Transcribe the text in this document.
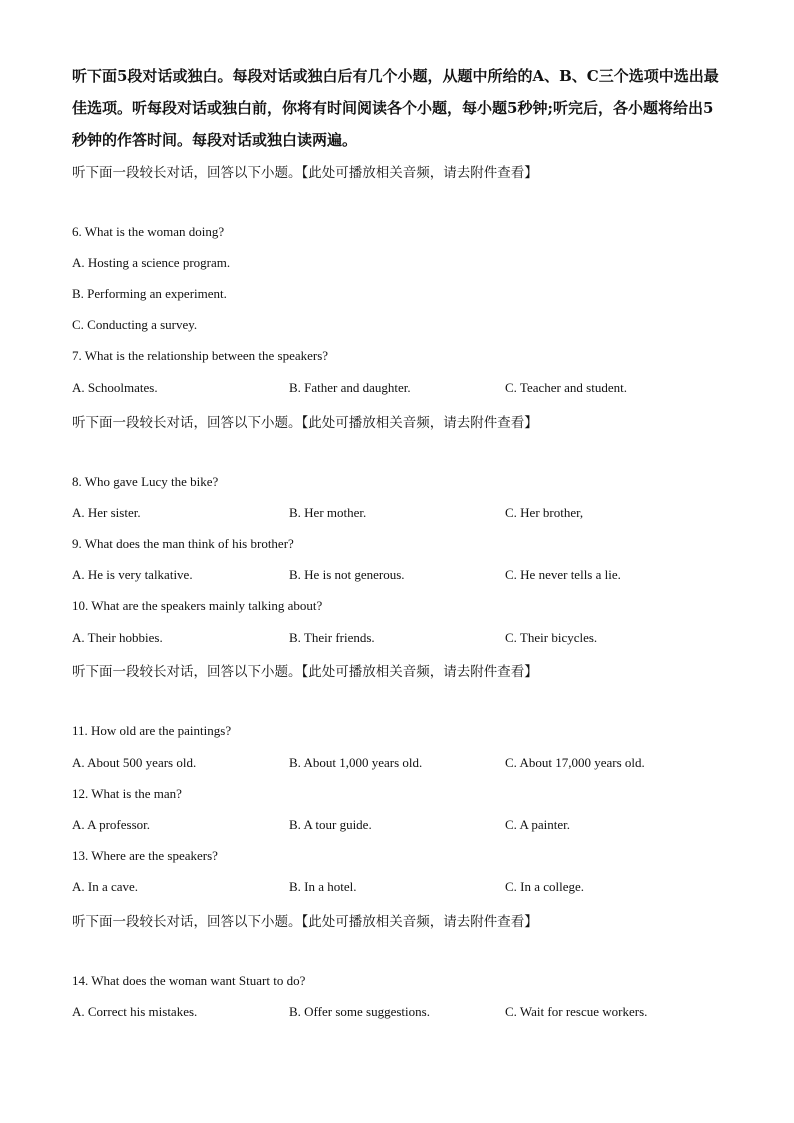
听下面5段对话或独白。每段对话或独白后有几个小题，从题中所给的A、B、C三个选项中选出最佳选项。听每段对话或独白前，你将有时间阅读各个小题，每小题5秒钟;听完后，各小题将给出5秒钟的作答时间。每段对话或独白读两遍。
听下面一段较长对话，回答以下小题。【此处可播放相关音频，请去附件查看】
6. What is the woman doing?
A. Hosting a science program.
B. Performing an experiment.
C. Conducting a survey.
7. What is the relationship between the speakers?
A. Schoolmates.	B. Father and daughter.	C. Teacher and student.
听下面一段较长对话，回答以下小题。【此处可播放相关音频，请去附件查看】
8. Who gave Lucy the bike?
A. Her sister.	B. Her mother.	C. Her brother,
9. What does the man think of his brother?
A. He is very talkative.	B. He is not generous.	C. He never tells a lie.
10. What are the speakers mainly talking about?
A. Their hobbies.	B. Their friends.	C. Their bicycles.
听下面一段较长对话，回答以下小题。【此处可播放相关音频，请去附件查看】
11. How old are the paintings?
A. About 500 years old.	B. About 1,000 years old.	C. About 17,000 years old.
12. What is the man?
A. A professor.	B. A tour guide.	C. A painter.
13. Where are the speakers?
A. In a cave.	B. In a hotel.	C. In a college.
听下面一段较长对话，回答以下小题。【此处可播放相关音频，请去附件查看】
14. What does the woman want Stuart to do?
A. Correct his mistakes.	B. Offer some suggestions.	C. Wait for rescue workers.
